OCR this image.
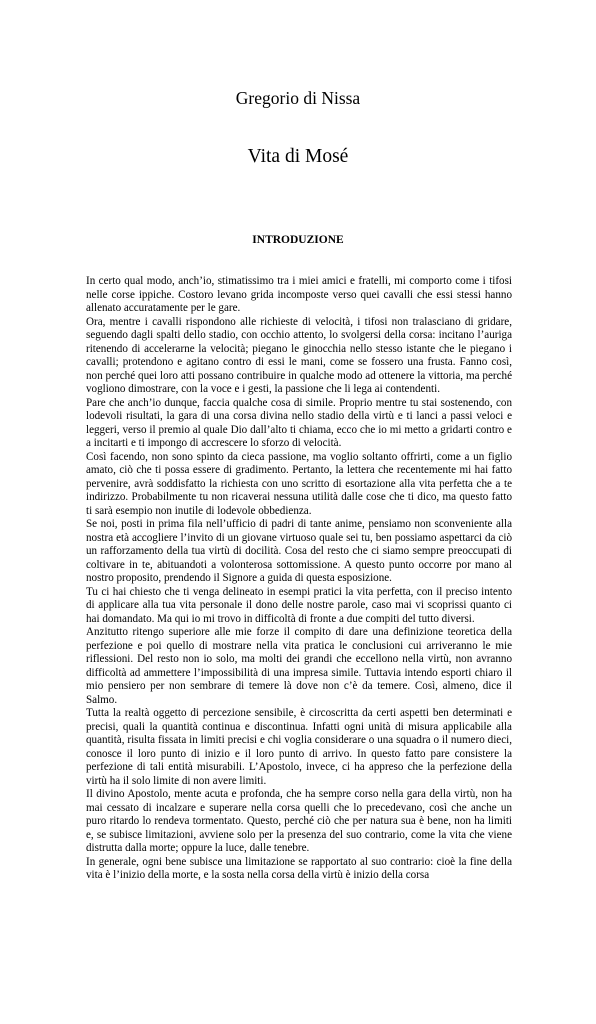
Gregorio di Nissa
Vita di Mosé
INTRODUZIONE

In certo qual modo, anch’io, stimatissimo tra i miei amici e fratelli, mi comporto come i tifosi nelle corse ippiche. Costoro levano grida incomposte verso quei cavalli che essi stessi hanno allenato accuratamente per le gare.

Ora, mentre i cavalli rispondono alle richieste di velocità, i tifosi non tralasciano di gridare, seguendo dagli spalti dello stadio, con occhio attento, lo svolgersi della corsa: incitano l’auriga ritenendo di accelerarne la velocità; piegano le ginocchia nello stesso istante che le piegano i cavalli; protendono e agitano contro di essi le mani, come se fossero una frusta. Fanno così, non perché quei loro atti possano contribuire in qualche modo ad ottenere la vittoria, ma perché vogliono dimostrare, con la voce e i gesti, la passione che li lega ai contendenti.

Pare che anch’io dunque, faccia qualche cosa di simile. Proprio mentre tu stai sostenendo, con lodevoli risultati, la gara di una corsa divina nello stadio della virtù e ti lanci a passi veloci e leggeri, verso il premio al quale Dio dall’alto ti chiama, ecco che io mi metto a gridarti contro e a incitarti e ti impongo di accrescere lo sforzo di velocità.

Così facendo, non sono spinto da cieca passione, ma voglio soltanto offrirti, come a un figlio amato, ciò che ti possa essere di gradimento. Pertanto, la lettera che recentemente mi hai fatto pervenire, avrà soddisfatto la richiesta con uno scritto di esortazione alla vita perfetta che a te indirizzo. Probabilmente tu non ricaverai nessuna utilità dalle cose che ti dico, ma questo fatto ti sarà esempio non inutile di lodevole obbedienza.

Se noi, posti in prima fila nell’ufficio di padri di tante anime, pensiamo non sconveniente alla nostra età accogliere l’invito di un giovane virtuoso quale sei tu, ben possiamo aspettarci da ciò un rafforzamento della tua virtù di docilità. Cosa del resto che ci siamo sempre preoccupati di coltivare in te, abituandoti a volonterosa sottomissione. A questo punto occorre por mano al nostro proposito, prendendo il Signore a guida di questa esposizione.

Tu ci hai chiesto che ti venga delineato in esempi pratici la vita perfetta, con il preciso intento di applicare alla tua vita personale il dono delle nostre parole, caso mai vi scoprissi quanto ci hai domandato. Ma qui io mi trovo in difficoltà di fronte a due compiti del tutto diversi.

Anzitutto ritengo superiore alle mie forze il compito di dare una definizione teoretica della perfezione e poi quello di mostrare nella vita pratica le conclusioni cui arriveranno le mie riflessioni. Del resto non io solo, ma molti dei grandi che eccellono nella virtù, non avranno difficoltà ad ammettere l’impossibilità di una impresa simile. Tuttavia intendo esporti chiaro il mio pensiero per non sembrare di temere là dove non c’è da temere. Così, almeno, dice il Salmo.

Tutta la realtà oggetto di percezione sensibile, è circoscritta da certi aspetti ben determinati e precisi, quali la quantità continua e discontinua. Infatti ogni unità di misura applicabile alla quantità, risulta fissata in limiti precisi e chi voglia considerare o una squadra o il numero dieci, conosce il loro punto di inizio e il loro punto di arrivo. In questo fatto pare consistere la perfezione di tali entità misurabili. L’Apostolo, invece, ci ha appreso che la perfezione della virtù ha il solo limite di non avere limiti.

Il divino Apostolo, mente acuta e profonda, che ha sempre corso nella gara della virtù, non ha mai cessato di incalzare e superare nella corsa quelli che lo precedevano, così che anche un puro ritardo lo rendeva tormentato. Questo, perché ciò che per natura sua è bene, non ha limiti e, se subisce limitazioni, avviene solo per la presenza del suo contrario, come la vita che viene distrutta dalla morte; oppure la luce, dalle tenebre.

In generale, ogni bene subisce una limitazione se rapportato al suo contrario: cioè la fine della vita è l’inizio della morte, e la sosta nella corsa della virtù è inizio della corsa
